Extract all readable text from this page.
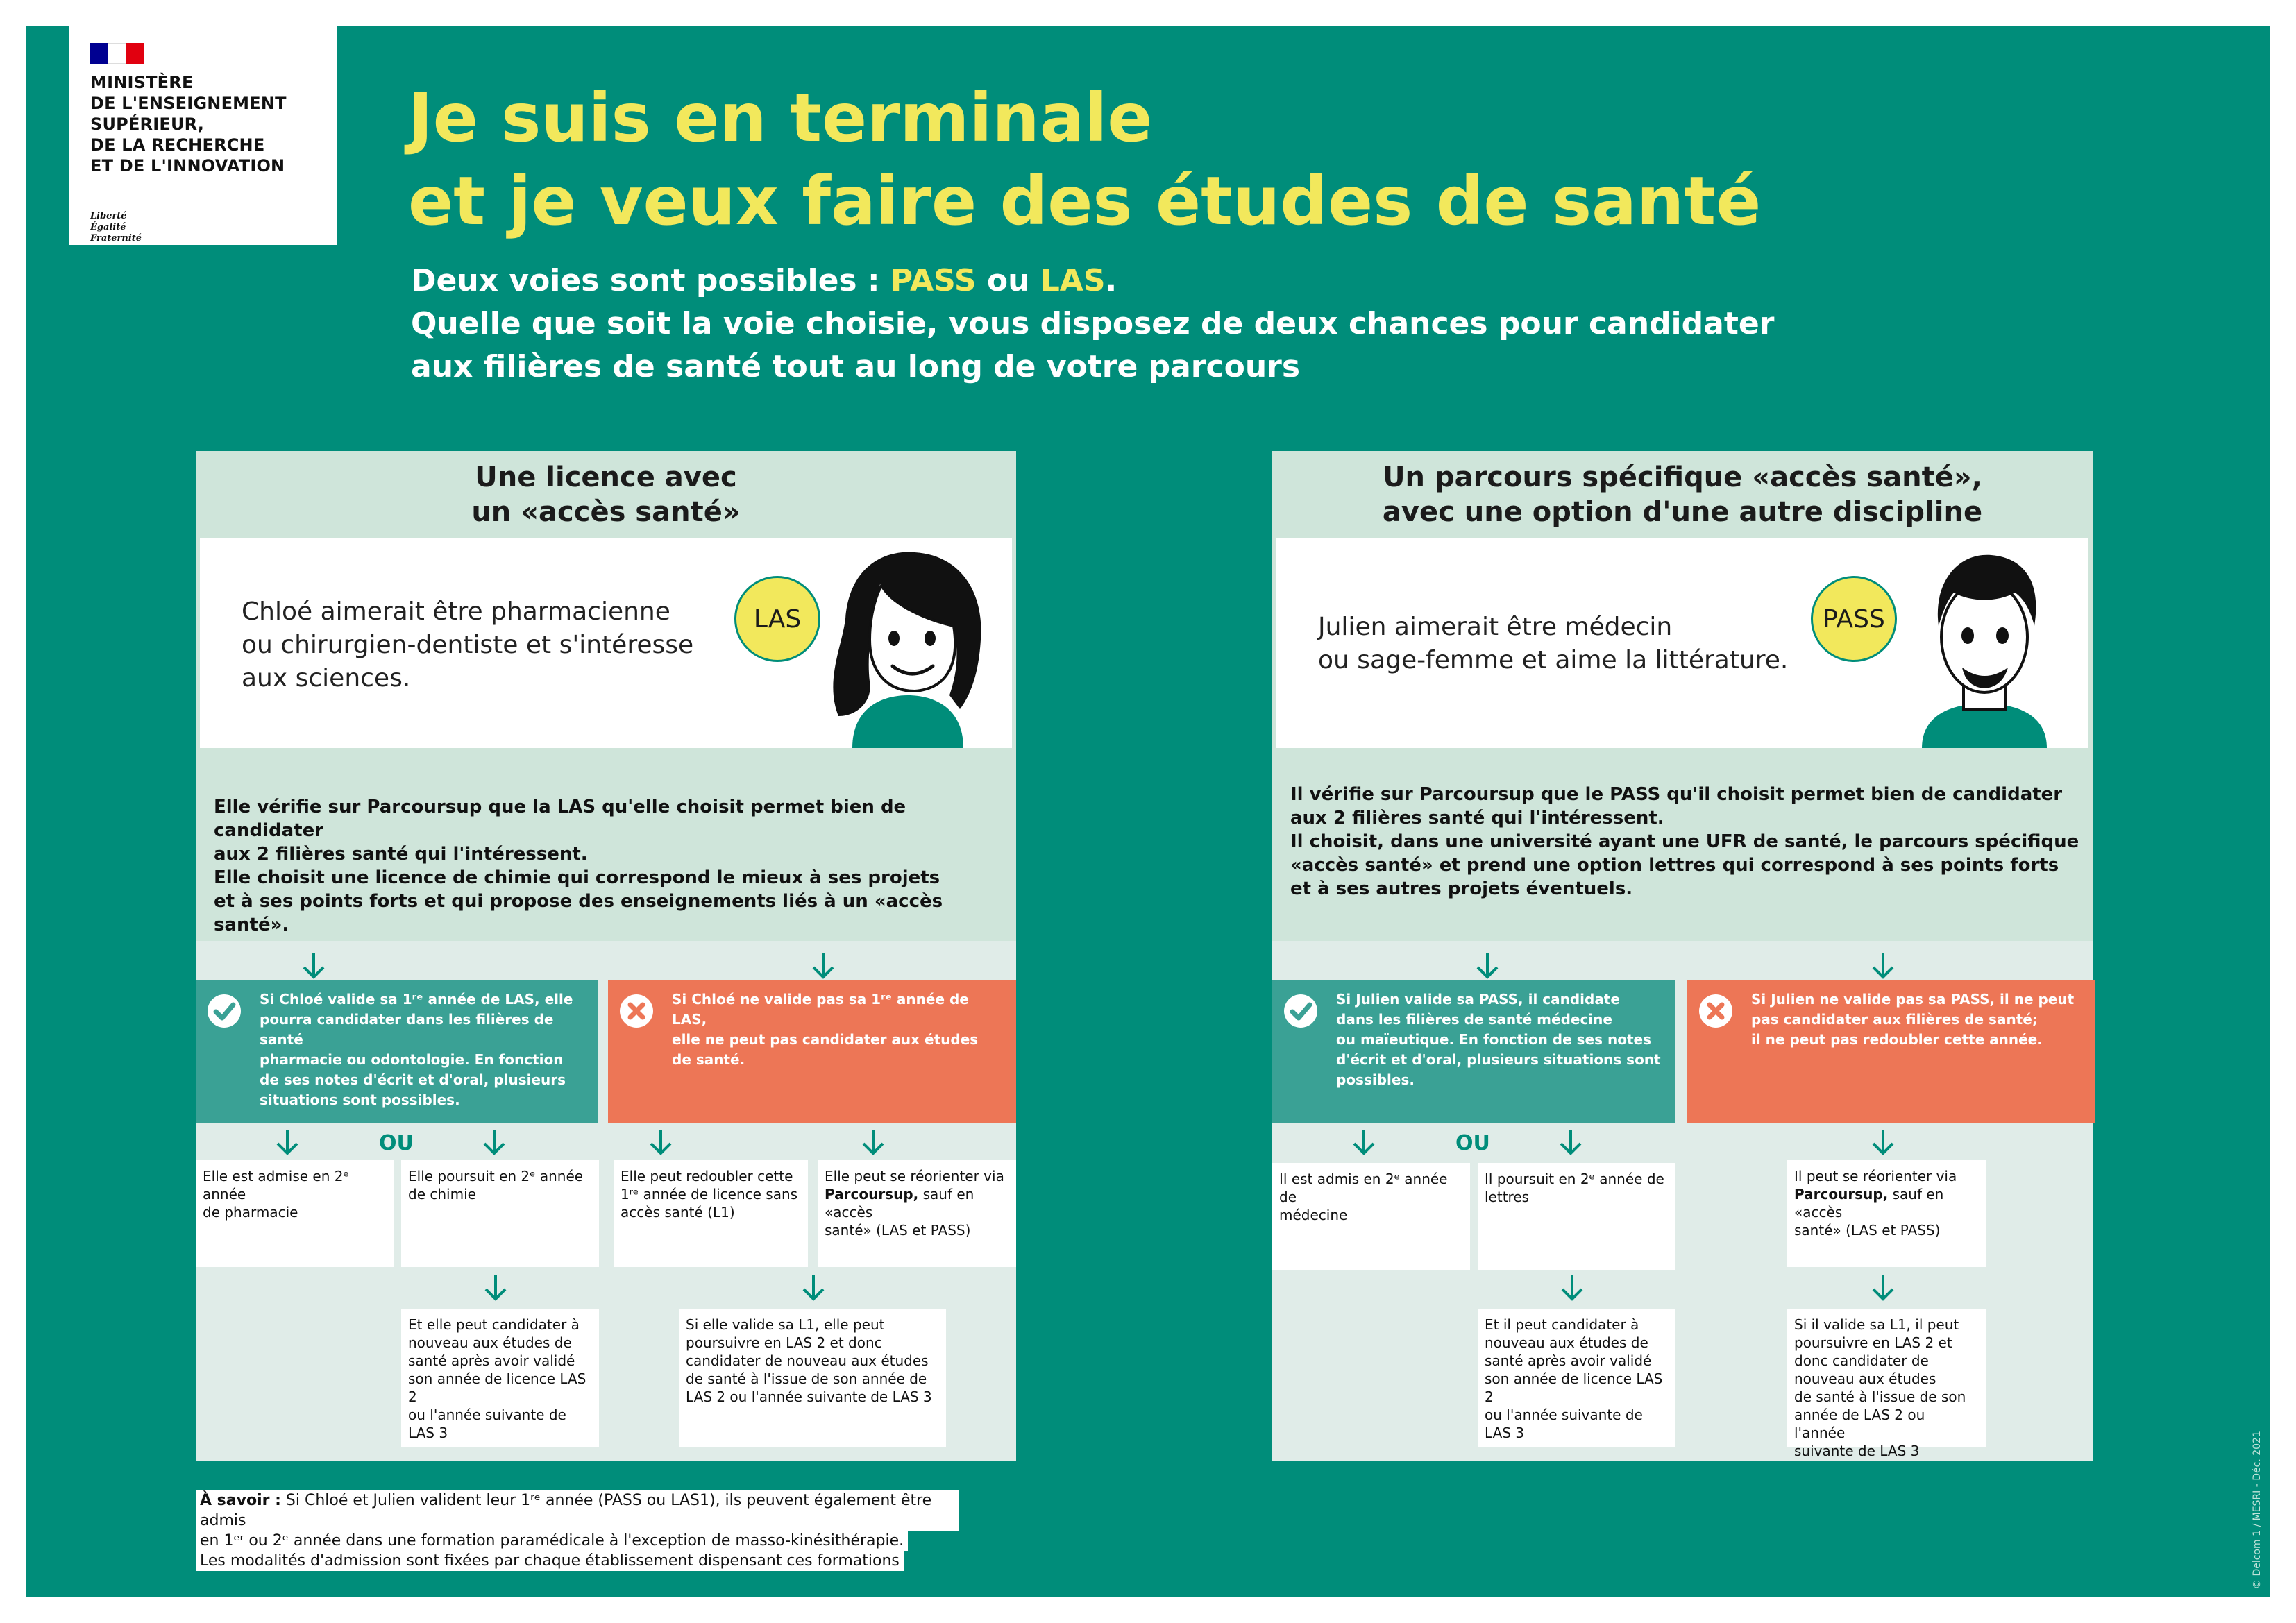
MINISTÈRE
DE L'ENSEIGNEMENT
SUPÉRIEUR,
DE LA RECHERCHE
ET DE L'INNOVATION
Liberté
Égalité
Fraternité
Je suis en terminale
et je veux faire des études de santé
Deux voies sont possibles : PASS ou LAS.
Quelle que soit la voie choisie, vous disposez de deux chances pour candidater
aux filières de santé tout au long de votre parcours
Une licence avec
un «accès santé»
Chloé aimerait être pharmacienne
ou chirurgien-dentiste et s'intéresse
aux sciences.
LAS
Elle vérifie sur Parcoursup que la LAS qu'elle choisit permet bien de candidater
aux 2 filières santé qui l'intéressent.
Elle choisit une licence de chimie qui correspond le mieux à ses projets
et à ses points forts et qui propose des enseignements liés à un «accès santé».
Si Chloé valide sa 1ʳᵉ année de LAS, elle
pourra candidater dans les filières de santé
pharmacie ou odontologie. En fonction
de ses notes d'écrit et d'oral, plusieurs
situations sont possibles.
Si Chloé ne valide pas sa 1ʳᵉ année de LAS,
elle ne peut pas candidater aux études
de santé.
OU
Elle est admise en 2ᵉ année
de pharmacie
Elle poursuit en 2ᵉ année
de chimie
Elle peut redoubler cette
1ʳᵉ année de licence sans
accès santé (L1)
Elle peut se réorienter via
Parcoursup, sauf en «accès
santé» (LAS et PASS)
Et elle peut candidater à
nouveau aux études de
santé après avoir validé
son année de licence LAS 2
ou l'année suivante de
LAS 3
Si elle valide sa L1, elle peut
poursuivre en LAS 2 et donc
candidater de nouveau aux études
de santé à l'issue de son année de
LAS 2 ou l'année suivante de LAS 3
Un parcours spécifique «accès santé»,
avec une option d'une autre discipline
Julien aimerait être médecin
ou sage-femme et aime la littérature.
PASS
Il vérifie sur Parcoursup que le PASS qu'il choisit permet bien de candidater
aux 2 filières santé qui l'intéressent.
Il choisit, dans une université ayant une UFR de santé, le parcours spécifique
«accès santé» et prend une option lettres qui correspond à ses points forts
et à ses autres projets éventuels.
Si Julien valide sa PASS, il candidate
dans les filières de santé médecine
ou maïeutique. En fonction de ses notes
d'écrit et d'oral, plusieurs situations sont
possibles.
Si Julien ne valide pas sa PASS, il ne peut
pas candidater aux filières de santé;
il ne peut pas redoubler cette année.
OU
Il est admis en 2ᵉ année de
médecine
Il poursuit en 2ᵉ année de
lettres
Il peut se réorienter via
Parcoursup, sauf en «accès
santé» (LAS et PASS)
Et il peut candidater à
nouveau aux études de
santé après avoir validé
son année de licence LAS 2
ou l'année suivante de
LAS 3
Si il valide sa L1, il peut
poursuivre en LAS 2 et
donc candidater de
nouveau aux études
de santé à l'issue de son
année de LAS 2 ou l'année
suivante de LAS 3
À savoir : Si Chloé et Julien valident leur 1ʳᵉ année (PASS ou LAS1), ils peuvent également être admis
en 1ᵉʳ ou 2ᵉ année dans une formation paramédicale à l'exception de masso-kinésithérapie.
Les modalités d'admission sont fixées par chaque établissement dispensant ces formations	© Delcom 1 / MESRI - Déc. 2021
